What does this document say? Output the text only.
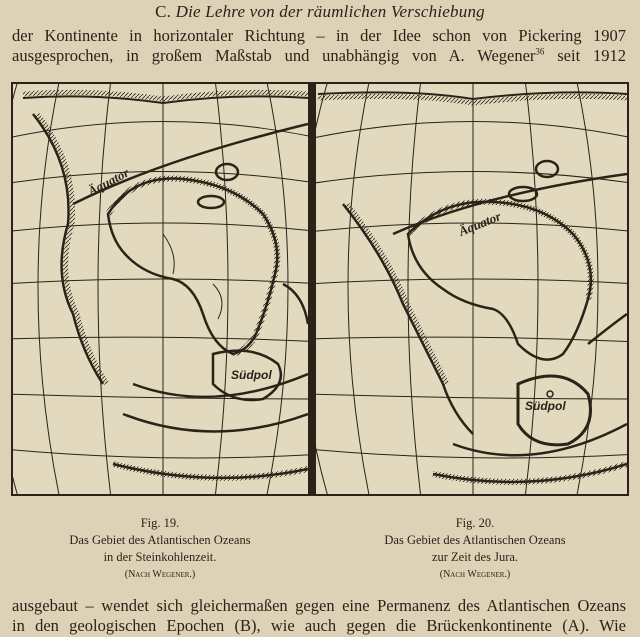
C. Die Lehre von der räumlichen Verschiebung
der Kontinente in horizontaler Richtung – in der Idee schon von Pickering 1907
ausgesprochen, in großem Maßstab und unabhängig von A. Wegener$^{36}$ seit 1912
Äquator
Südpol
Äquator
Südpol
Fig. 19.
Das Gebiet des Atlantischen Ozeans
in der Steinkohlenzeit.
(Nach Wegener.)
Fig. 20.
Das Gebiet des Atlantischen Ozeans
zur Zeit des Jura.
(Nach Wegener.)
ausgebaut – wendet sich gleichermaßen gegen eine Permanenz des Atlantischen Ozeans
in den geologischen Epochen (B), wie auch gegen die Brückenkontinente (A). Wie
